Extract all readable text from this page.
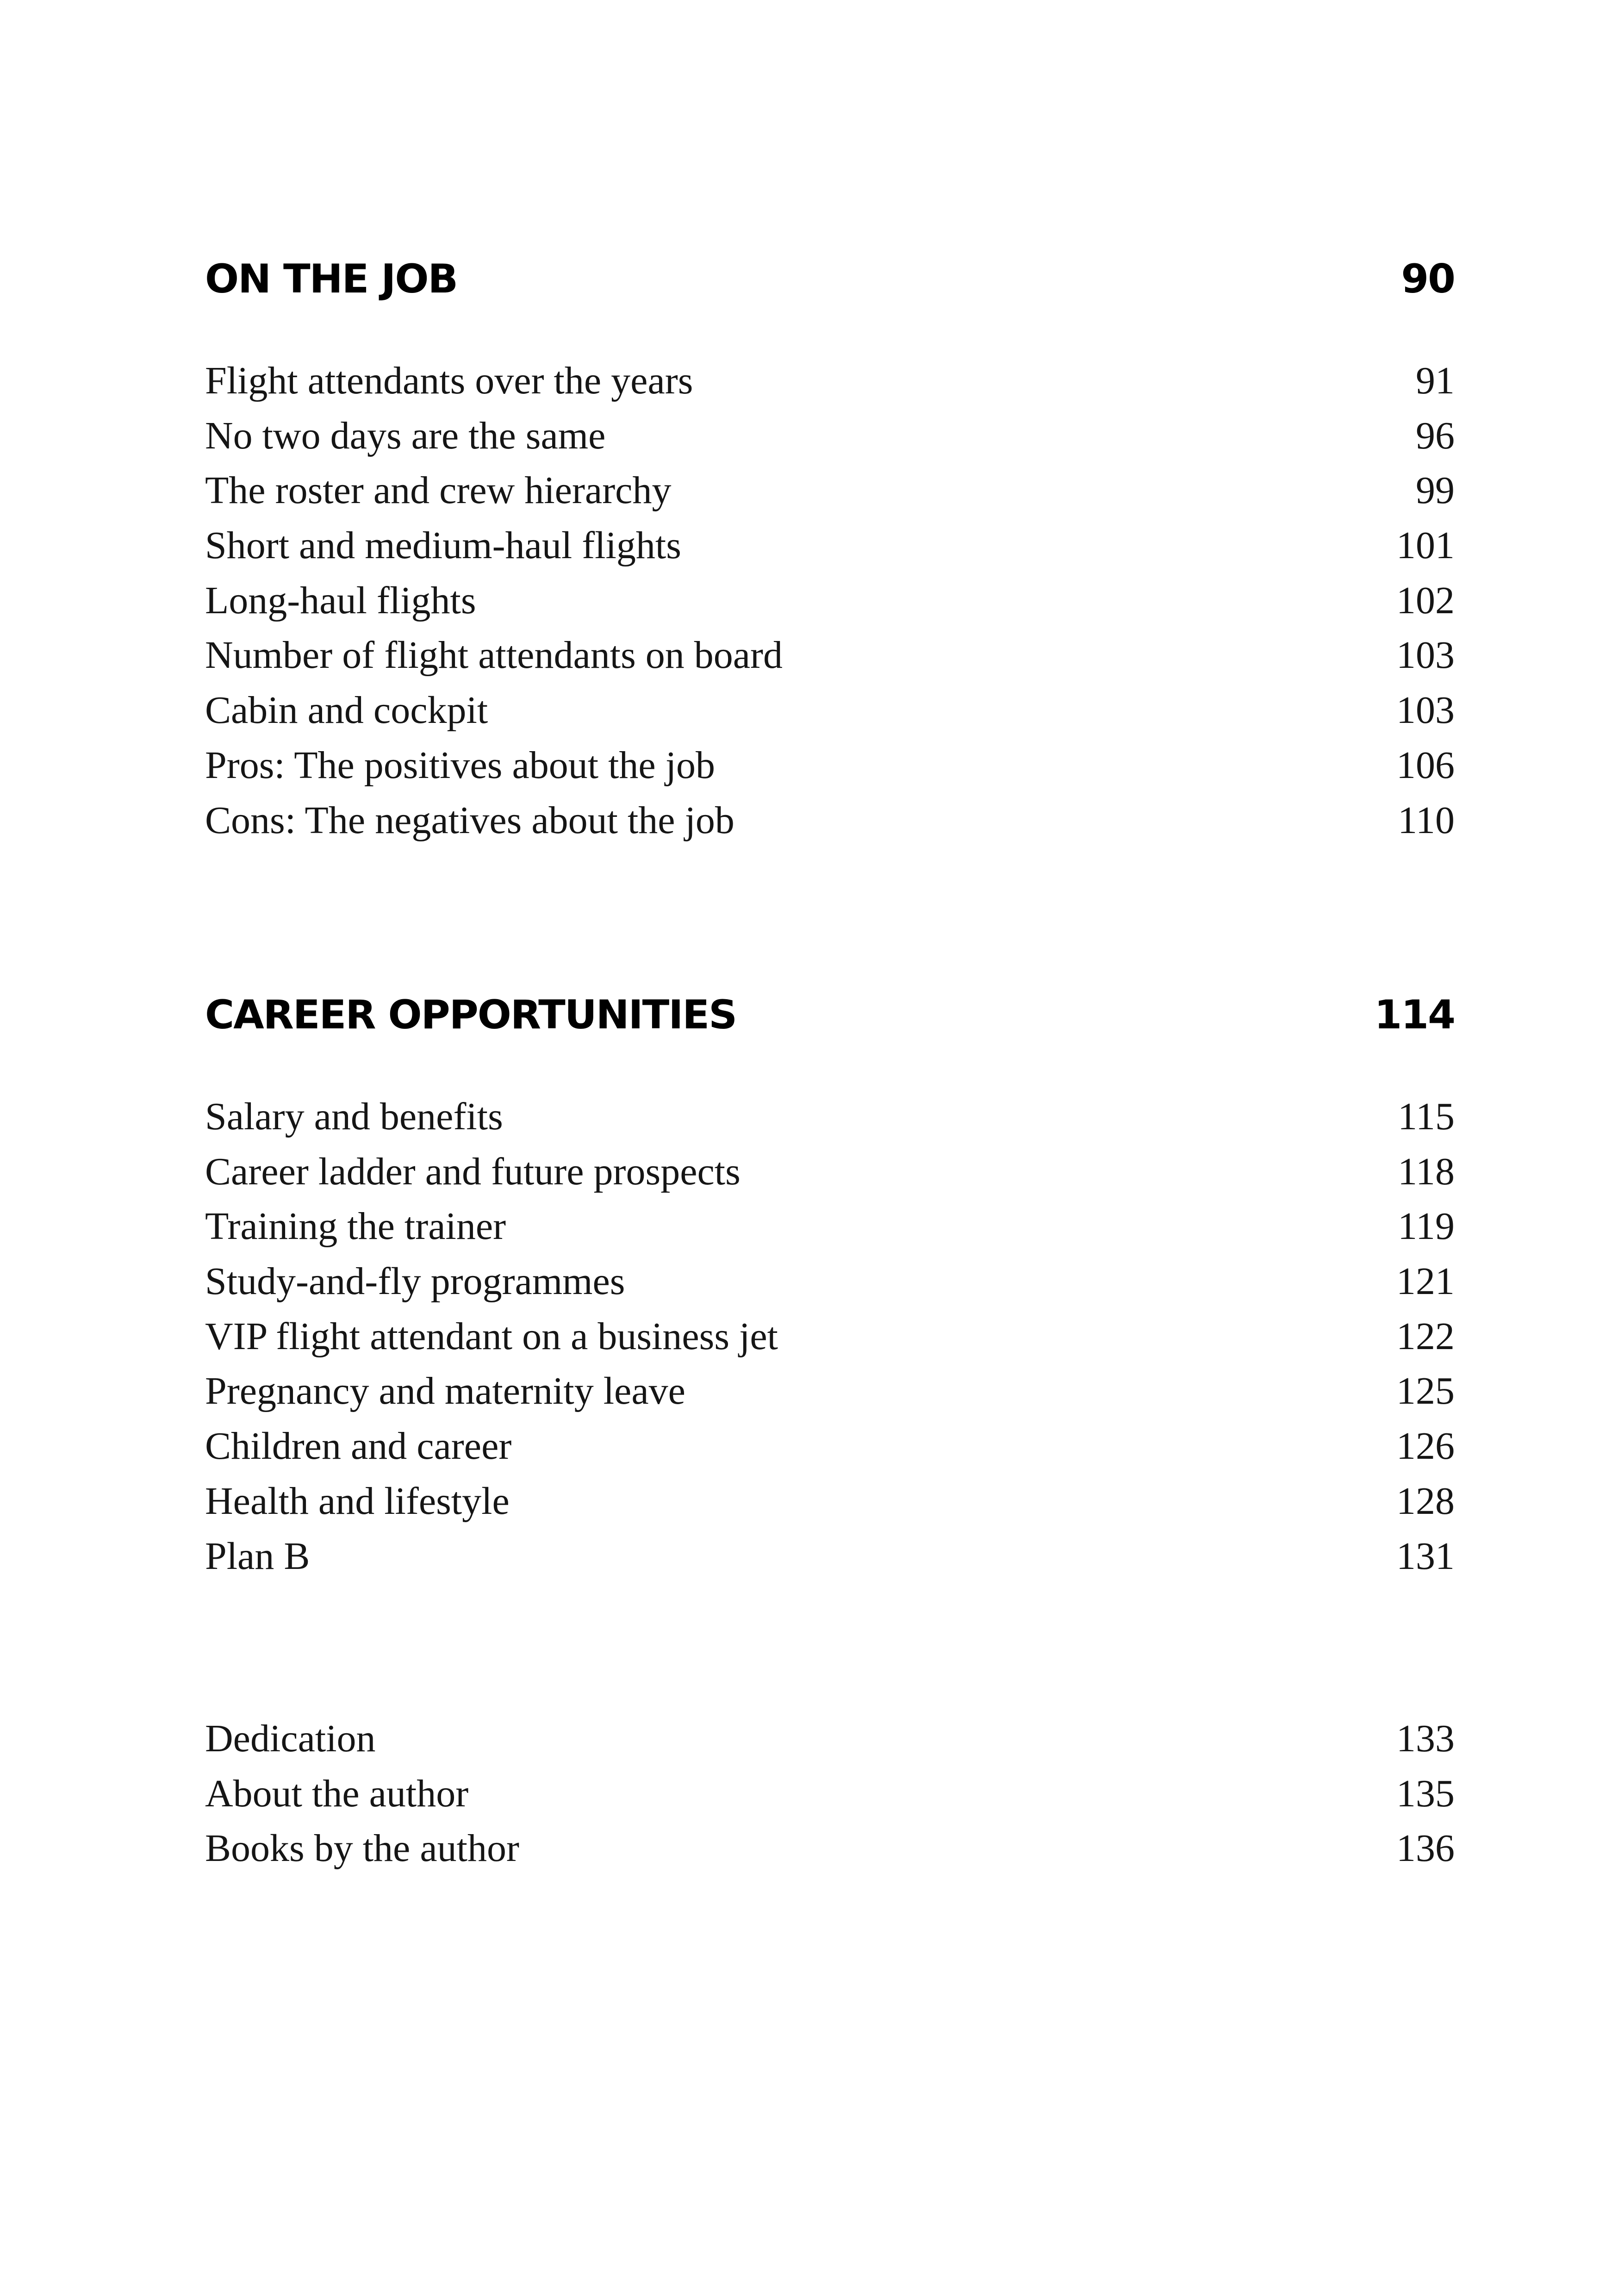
ON THE JOB	90
Flight attendants over the years	91
No two days are the same	96
The roster and crew hierarchy	99
Short and medium-haul flights	101
Long-haul flights	102
Number of flight attendants on board	103
Cabin and cockpit	103
Pros: The positives about the job	106
Cons: The negatives about the job	110
CAREER OPPORTUNITIES	114
Salary and benefits	115
Career ladder and future prospects	118
Training the trainer	119
Study-and-fly programmes	121
VIP flight attendant on a business jet	122
Pregnancy and maternity leave	125
Children and career	126
Health and lifestyle	128
Plan B	131
Dedication	133
About the author	135
Books by the author	136
